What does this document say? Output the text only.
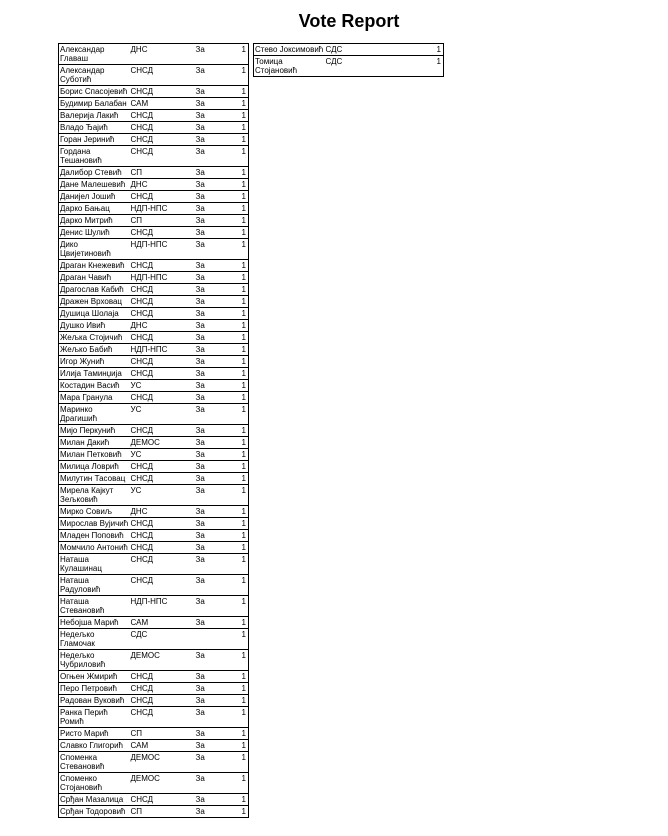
Vote Report
Александар Главаш	ДНС	За	1
Александар Суботић	СНСД	За	1
Борис Спасојевић	СНСД	За	1
Будимир Балабан	САМ	За	1
Валерија Лакић	СНСД	За	1
Владо Ђајић	СНСД	За	1
Горан Јеринић	СНСД	За	1
Гордана Тешановић	СНСД	За	1
Далибор Стевић	СП	За	1
Дане Малешевић	ДНС	За	1
Данијел Јошић	СНСД	За	1
Дарко Бањац	НДП-НПС	За	1
Дарко Митрић	СП	За	1
Денис Шулић	СНСД	За	1
Дико Цвијетиновић	НДП-НПС	За	1
Драган Кнежевић	СНСД	За	1
Драган Чавић	НДП-НПС	За	1
Драгослав Кабић	СНСД	За	1
Дражен Врховац	СНСД	За	1
Душица Шолаја	СНСД	За	1
Душко Ивић	ДНС	За	1
Жељка Стојичић	СНСД	За	1
Жељко Бабић	НДП-НПС	За	1
Игор Жунић	СНСД	За	1
Илија Таминџија	СНСД	За	1
Костадин Васић	УС	За	1
Мара Гранула	СНСД	За	1
Маринко Драгишић	УС	За	1
Мијо Перкунић	СНСД	За	1
Милан Дакић	ДЕМОС	За	1
Милан Петковић	УС	За	1
Милица Ловрић	СНСД	За	1
Милутин Тасовац	СНСД	За	1
Мирела Кајкут Зељковић	УС	За	1
Мирко Совиљ	ДНС	За	1
Мирослав Вујичић	СНСД	За	1
Младен Поповић	СНСД	За	1
Момчило Антонић	СНСД	За	1
Наташа Кулашинац	СНСД	За	1
Наташа Радуловић	СНСД	За	1
Наташа Стевановић	НДП-НПС	За	1
Небојша Марић	САМ	За	1
Недељко Гламочак	СДС		1
Недељко Чубриловић	ДЕМОС	За	1
Огњен Жмирић	СНСД	За	1
Перо Петровић	СНСД	За	1
Радован Вуковић	СНСД	За	1
Ранка Перић Ромић	СНСД	За	1
Ристо Марић	СП	За	1
Славко Глигорић	САМ	За	1
Споменка Стевановић	ДЕМОС	За	1
Споменко Стојановић	ДЕМОС	За	1
Срђан Мазалица	СНСД	За	1
Срђан Тодоровић	СП	За	1
Стево Јоксимовић	СДС		1
Томица Стојановић	СДС		1
